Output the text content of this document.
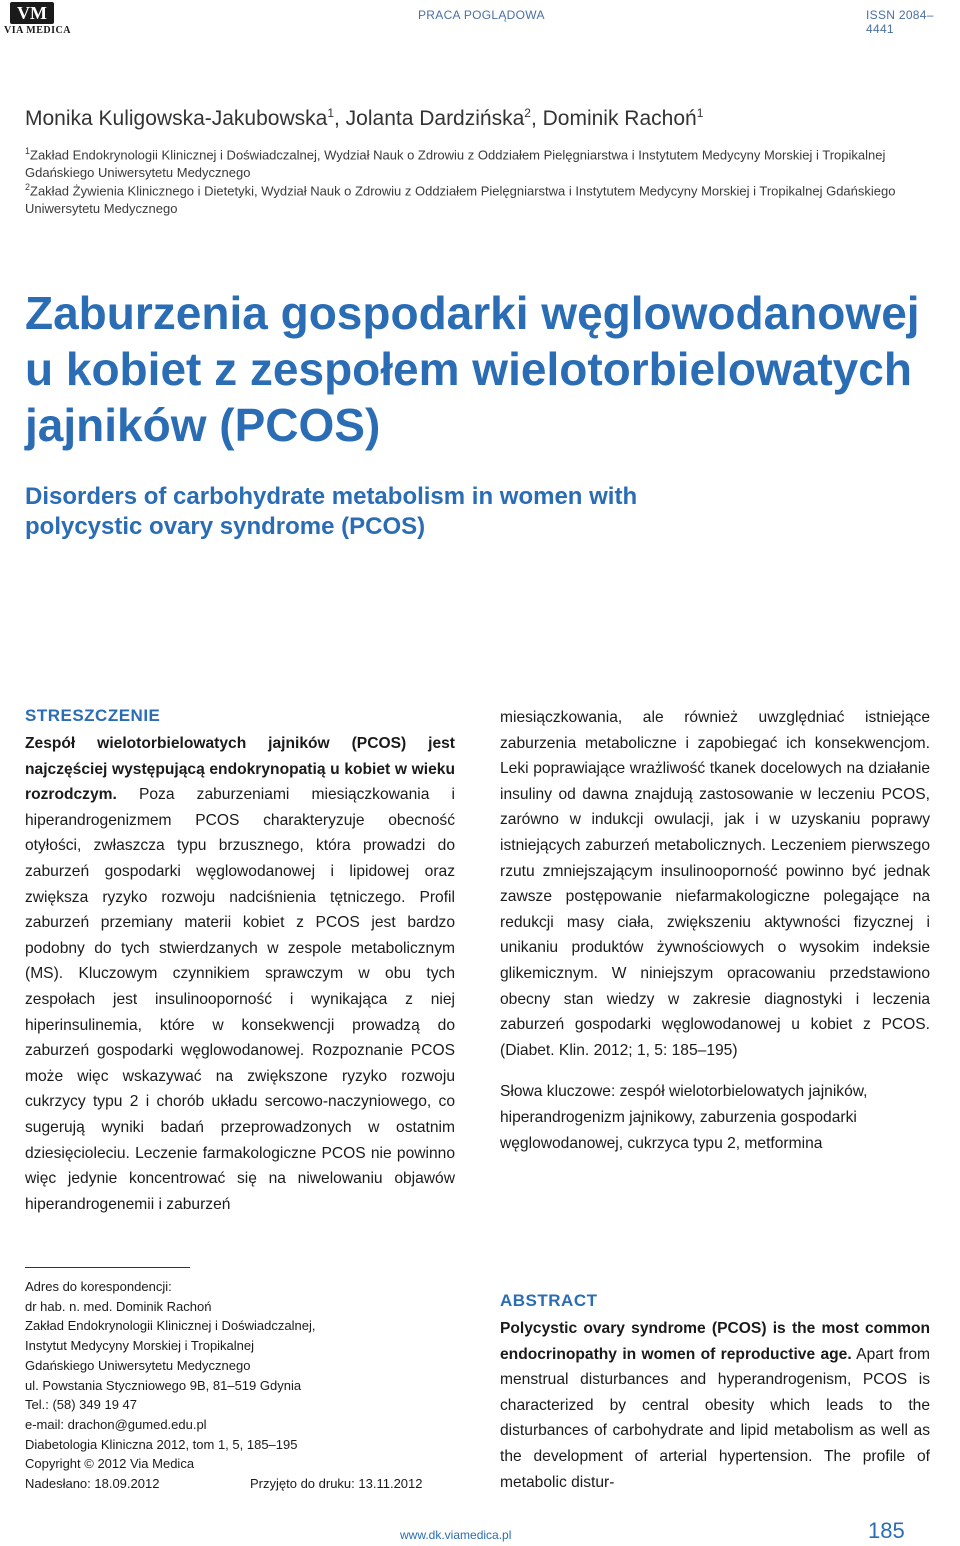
VM
VIA MEDICA
PRACA POGLĄDOWA	ISSN 2084–4441
Monika Kuligowska-Jakubowska$^1$, Jolanta Dardzińska$^2$, Dominik Rachoń$^1$
$^1$Zakład Endokrynologii Klinicznej i Doświadczalnej, Wydział Nauk o Zdrowiu z Oddziałem Pielęgniarstwa i Instytutem Medycyny Morskiej i Tropikalnej Gdańskiego Uniwersytetu Medycznego
$^2$Zakład Żywienia Klinicznego i Dietetyki, Wydział Nauk o Zdrowiu z Oddziałem Pielęgniarstwa i Instytutem Medycyny Morskiej i Tropikalnej Gdańskiego Uniwersytetu Medycznego
Zaburzenia gospodarki węglowodanowej u kobiet z zespołem wielotorbielowatych jajników (PCOS)
Disorders of carbohydrate metabolism in women with polycystic ovary syndrome (PCOS)
STRESZCZENIE
Zespół wielotorbielowatych jajników (PCOS) jest najczęściej występującą endokrynopatią u kobiet w wieku rozrodczym. Poza zaburzeniami miesiączkowania i hiperandrogenizmem PCOS charakteryzuje obecność otyłości, zwłaszcza typu brzusznego, która prowadzi do zaburzeń gospodarki węglowodanowej i lipidowej oraz zwiększa ryzyko rozwoju nadciśnienia tętniczego. Profil zaburzeń przemiany materii kobiet z PCOS jest bardzo podobny do tych stwierdzanych w zespole metabolicznym (MS). Kluczowym czynnikiem sprawczym w obu tych zespołach jest insulinooporność i wynikająca z niej hiperinsulinemia, które w konsekwencji prowadzą do zaburzeń gospodarki węglowodanowej. Rozpoznanie PCOS może więc wskazywać na zwiększone ryzyko rozwoju cukrzycy typu 2 i chorób układu sercowo-naczyniowego, co sugerują wyniki badań przeprowadzonych w ostatnim dziesięcioleciu. Leczenie farmakologiczne PCOS nie powinno więc jedynie koncentrować się na niwelowaniu objawów hiperandrogenemii i zaburzeń
miesiączkowania, ale również uwzględniać istniejące zaburzenia metaboliczne i zapobiegać ich konsekwencjom. Leki poprawiające wrażliwość tkanek docelowych na działanie insuliny od dawna znajdują zastosowanie w leczeniu PCOS, zarówno w indukcji owulacji, jak i w uzyskaniu poprawy istniejących zaburzeń metabolicznych. Leczeniem pierwszego rzutu zmniejszającym insulinooporność powinno być jednak zawsze postępowanie niefarmakologiczne polegające na redukcji masy ciała, zwiększeniu aktywności fizycznej i unikaniu produktów żywnościowych o wysokim indeksie glikemicznym. W niniejszym opracowaniu przedstawiono obecny stan wiedzy w zakresie diagnostyki i leczenia zaburzeń gospodarki węglowodanowej u kobiet z PCOS. (Diabet. Klin. 2012; 1, 5: 185–195)
Słowa kluczowe: zespół wielotorbielowatych jajników, hiperandrogenizm jajnikowy, zaburzenia gospodarki węglowodanowej, cukrzyca typu 2, metformina
ABSTRACT
Polycystic ovary syndrome (PCOS) is the most common endocrinopathy in women of reproductive age. Apart from menstrual disturbances and hyperandrogenism, PCOS is characterized by central obesity which leads to the disturbances of carbohydrate and lipid metabolism as well as the development of arterial hypertension. The profile of metabolic distur-
Adres do korespondencji:
dr hab. n. med. Dominik Rachoń
Zakład Endokrynologii Klinicznej i Doświadczalnej,
Instytut Medycyny Morskiej i Tropikalnej
Gdańskiego Uniwersytetu Medycznego
ul. Powstania Styczniowego 9B, 81–519 Gdynia
Tel.: (58) 349 19 47
e-mail: drachon@gumed.edu.pl
Diabetologia Kliniczna 2012, tom 1, 5, 185–195
Copyright © 2012 Via Medica
Nadesłano: 18.09.2012	Przyjęto do druku: 13.11.2012
www.dk.viamedica.pl	185
